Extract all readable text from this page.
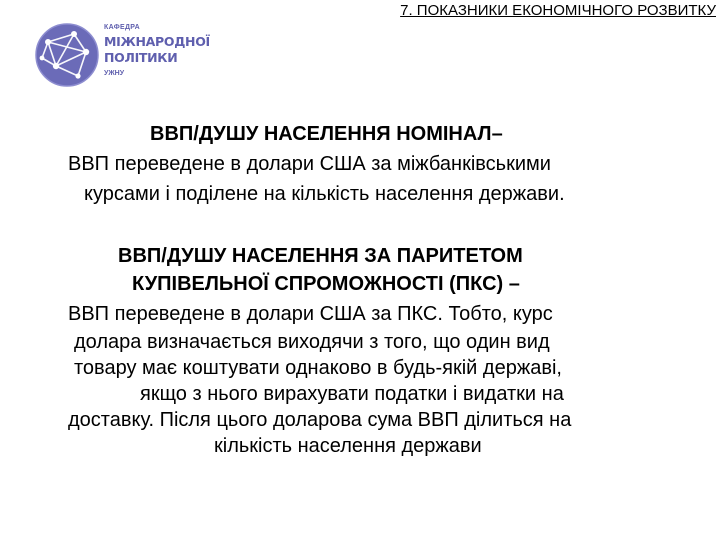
7. ПОКАЗНИКИ ЕКОНОМІЧНОГО РОЗВИТКУ
КАФЕДРА
МІЖНАРОДНОЇ
ПОЛІТИКИ
УЖНУ
ВВП/ДУШУ НАСЕЛЕННЯ НОМІНАЛ–
ВВП переведене в долари США за міжбанківськими
курсами і поділене на кількість населення держави.
ВВП/ДУШУ НАСЕЛЕННЯ ЗА ПАРИТЕТОМ
КУПІВЕЛЬНОЇ СПРОМОЖНОСТІ (ПКС) –
ВВП переведене в долари США за ПКС. Тобто, курс
долара визначається виходячи з того, що один вид
товару має коштувати однаково в будь-якій державі,
якщо з нього вирахувати податки і видатки на
доставку. Після цього доларова сума ВВП ділиться на
кількість населення держави
